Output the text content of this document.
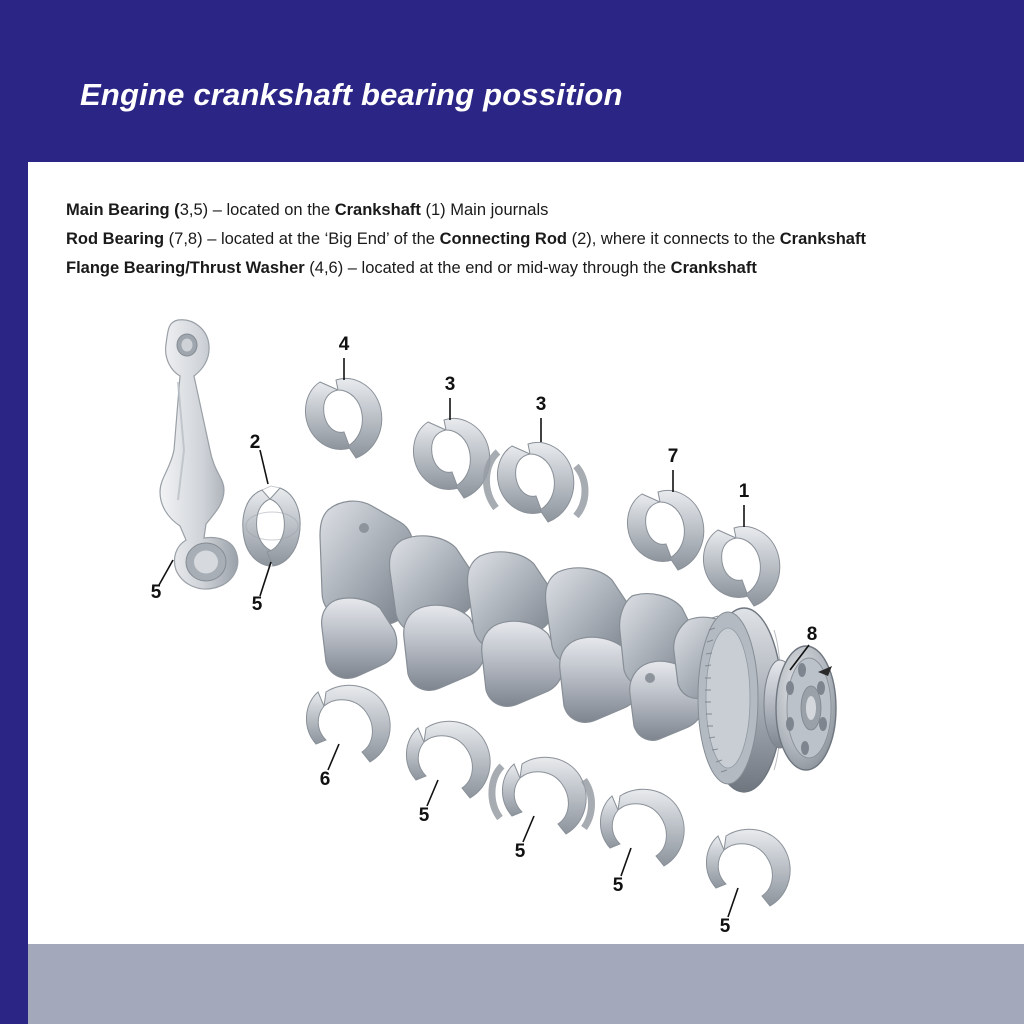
Engine crankshaft bearing possition
Main Bearing (3,5) – located on the Crankshaft (1) Main journals
Rod Bearing (7,8) – located at the ‘Big End’ of the Connecting Rod (2), where it connects to the Crankshaft
Flange Bearing/Thrust Washer (4,6) – located at the end or mid-way through the Crankshaft
4
3
3
7
1
2
8
5
5
6
5
5
5
5
